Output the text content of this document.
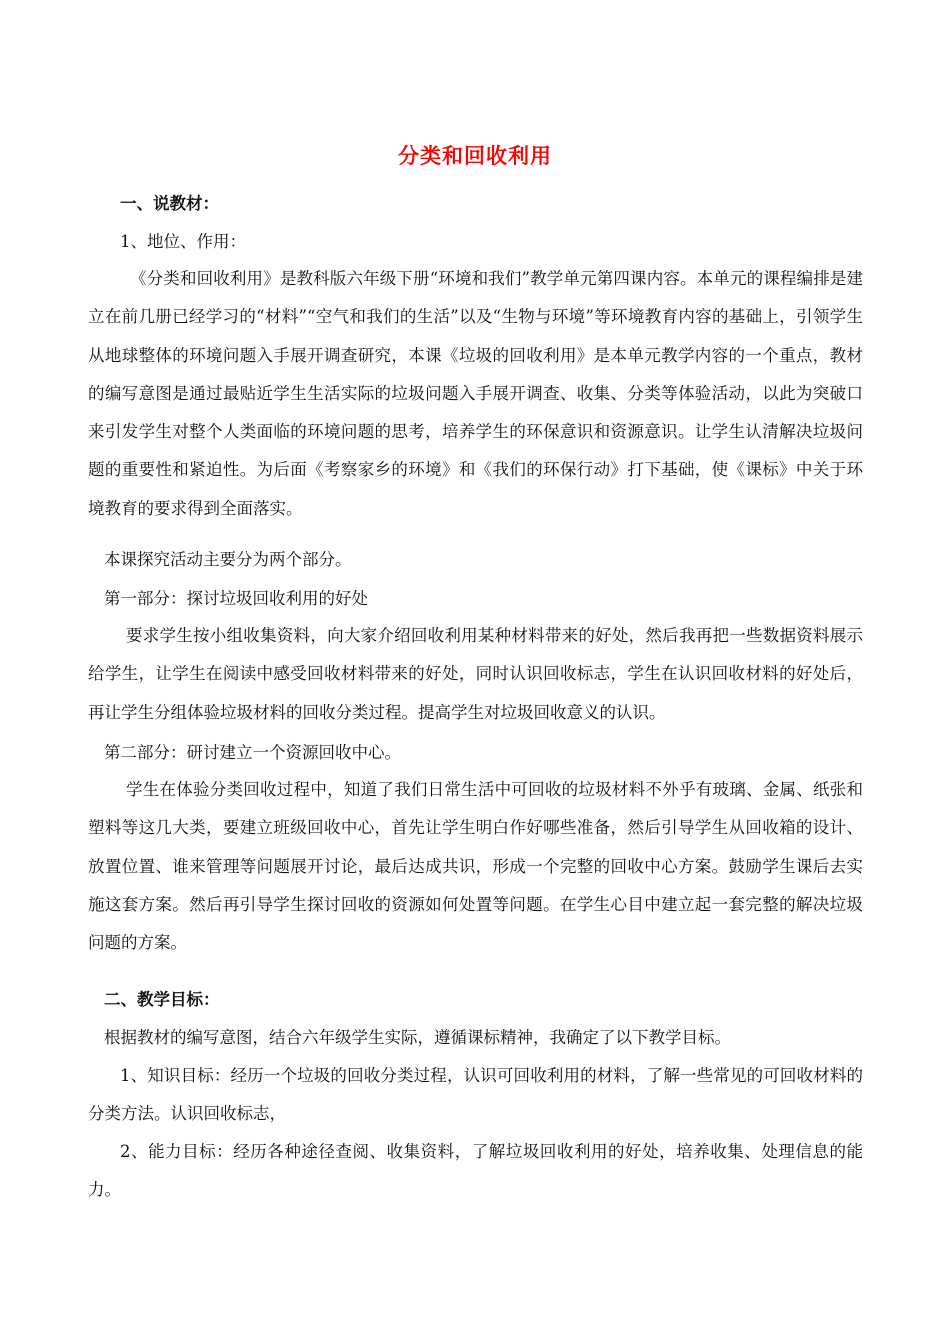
分类和回收利用
一、说教材：
1、地位、作用：
《分类和回收利用》是教科版六年级下册“环境和我们”教学单元第四课内容。本单元的课程编排是建立在前几册已经学习的“材料”“空气和我们的生活”以及“生物与环境”等环境教育内容的基础上，引领学生从地球整体的环境问题入手展开调查研究，本课《垃圾的回收利用》是本单元教学内容的一个重点，教材的编写意图是通过最贴近学生生活实际的垃圾问题入手展开调查、收集、分类等体验活动，以此为突破口来引发学生对整个人类面临的环境问题的思考，培养学生的环保意识和资源意识。让学生认清解决垃圾问题的重要性和紧迫性。为后面《考察家乡的环境》和《我们的环保行动》打下基础，使《课标》中关于环境教育的要求得到全面落实。
本课探究活动主要分为两个部分。
第一部分：探讨垃圾回收利用的好处
要求学生按小组收集资料，向大家介绍回收利用某种材料带来的好处，然后我再把一些数据资料展示给学生，让学生在阅读中感受回收材料带来的好处，同时认识回收标志，学生在认识回收材料的好处后，再让学生分组体验垃圾材料的回收分类过程。提高学生对垃圾回收意义的认识。
第二部分：研讨建立一个资源回收中心。
学生在体验分类回收过程中，知道了我们日常生活中可回收的垃圾材料不外乎有玻璃、金属、纸张和塑料等这几大类，要建立班级回收中心，首先让学生明白作好哪些准备，然后引导学生从回收箱的设计、放置位置、谁来管理等问题展开讨论，最后达成共识，形成一个完整的回收中心方案。鼓励学生课后去实施这套方案。然后再引导学生探讨回收的资源如何处置等问题。在学生心目中建立起一套完整的解决垃圾问题的方案。
二、教学目标：
根据教材的编写意图，结合六年级学生实际，遵循课标精神，我确定了以下教学目标。
1、知识目标：经历一个垃圾的回收分类过程，认识可回收利用的材料，了解一些常见的可回收材料的分类方法。认识回收标志，
2、能力目标：经历各种途径查阅、收集资料，了解垃圾回收利用的好处，培养收集、处理信息的能力。
